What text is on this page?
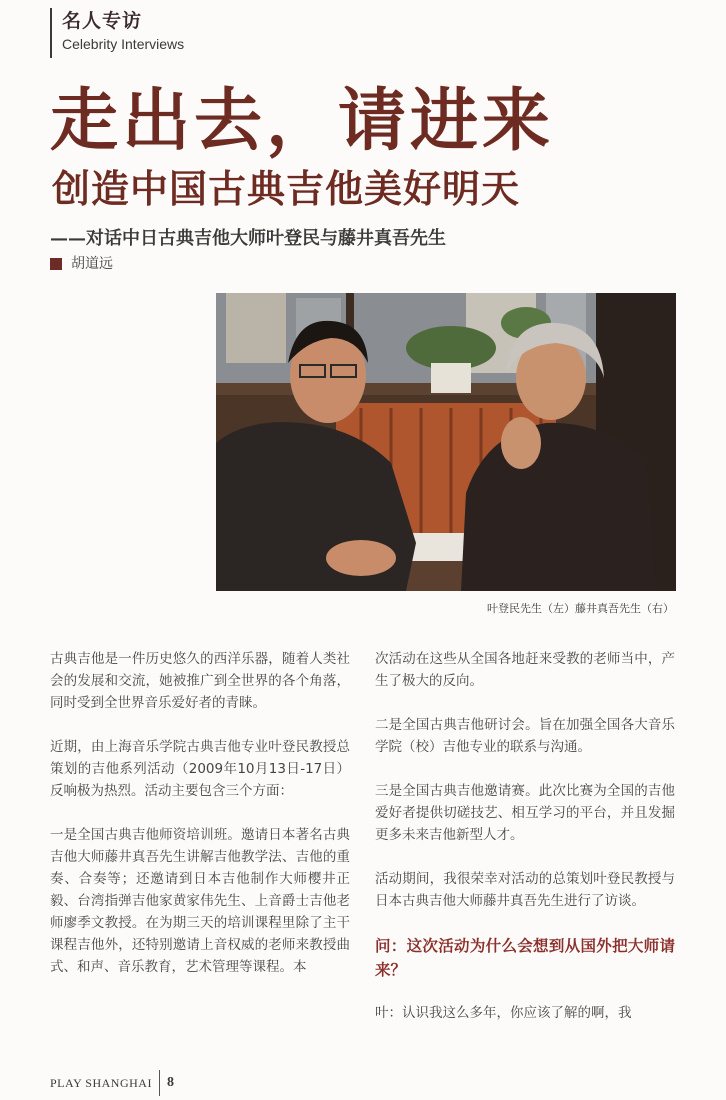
名人专访
Celebrity Interviews
走出去，请进来
创造中国古典吉他美好明天
——对话中日古典吉他大师叶登民与藤井真吾先生
胡道远
叶登民先生（左）藤井真吾先生（右）

古典吉他是一件历史悠久的西洋乐器，随着人类社会的发展和交流，她被推广到全世界的各个角落，同时受到全世界音乐爱好者的青睐。

近期，由上海音乐学院古典吉他专业叶登民教授总策划的吉他系列活动（2009年10月13日-17日）反响极为热烈。活动主要包含三个方面：

一是全国古典吉他师资培训班。邀请日本著名古典吉他大师藤井真吾先生讲解吉他教学法、吉他的重奏、合奏等；还邀请到日本吉他制作大师樱井正毅、台湾指弹吉他家黄家伟先生、上音爵士吉他老师廖季文教授。在为期三天的培训课程里除了主干课程吉他外，还特别邀请上音权威的老师来教授曲式、和声、音乐教育，艺术管理等课程。本

次活动在这些从全国各地赶来受教的老师当中，产生了极大的反向。

二是全国古典吉他研讨会。旨在加强全国各大音乐学院（校）吉他专业的联系与沟通。

三是全国古典吉他邀请赛。此次比赛为全国的吉他爱好者提供切磋技艺、相互学习的平台，并且发掘更多未来吉他新型人才。

活动期间，我很荣幸对活动的总策划叶登民教授与日本古典吉他大师藤井真吾先生进行了访谈。

问：这次活动为什么会想到从国外把大师请来？

叶：认识我这么多年，你应该了解的啊，我

PLAY SHANGHAI 8
